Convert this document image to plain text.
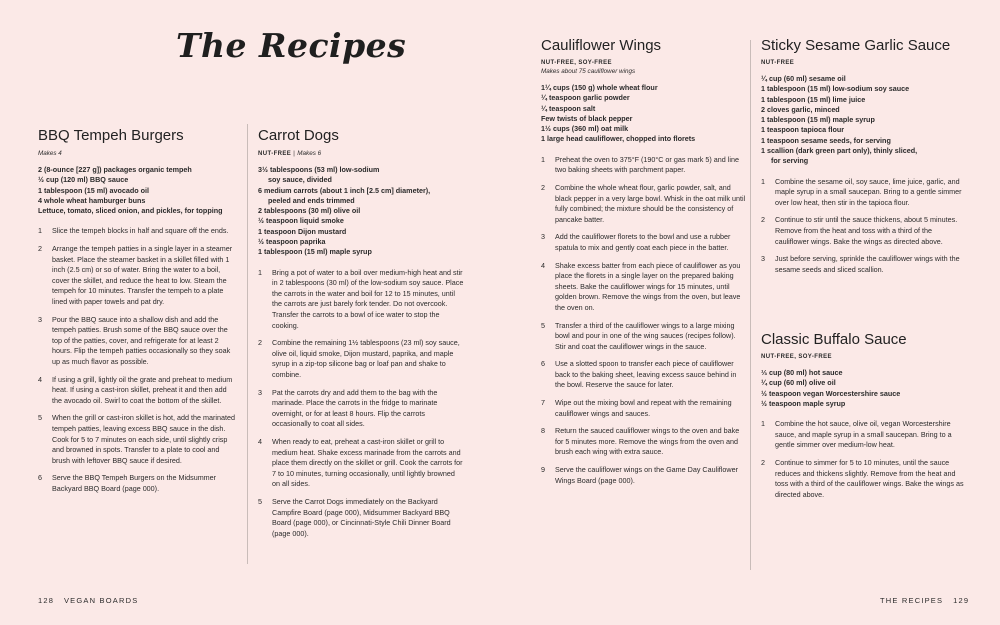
The Recipes
BBQ Tempeh Burgers
Makes 4
2 (8-ounce [227 g]) packages organic tempeh
½ cup (120 ml) BBQ sauce
1 tablespoon (15 ml) avocado oil
4 whole wheat hamburger buns
Lettuce, tomato, sliced onion, and pickles, for topping
1	Slice the tempeh blocks in half and square off the ends.
2	Arrange the tempeh patties in a single layer in a steamer basket. Place the steamer basket in a skillet filled with 1 inch (2.5 cm) or so of water. Bring the water to a boil, cover the skillet, and reduce the heat to low. Steam the tempeh for 10 minutes. Transfer the tempeh to a plate lined with paper towels and pat dry.
3	Pour the BBQ sauce into a shallow dish and add the tempeh patties. Brush some of the BBQ sauce over the top of the patties, cover, and refrigerate for at least 2 hours. Flip the tempeh patties occasionally so they soak up as much flavor as possible.
4	If using a grill, lightly oil the grate and preheat to medium heat. If using a cast-iron skillet, preheat it and then add the avocado oil. Swirl to coat the bottom of the skillet.
5	When the grill or cast-iron skillet is hot, add the marinated tempeh patties, leaving excess BBQ sauce in the dish. Cook for 5 to 7 minutes on each side, until slightly crisp and browned in spots. Transfer to a plate to cool and brush with leftover BBQ sauce if desired.
6	Serve the BBQ Tempeh Burgers on the Midsummer Backyard BBQ Board (page 000).
Carrot Dogs
NUT-FREE | Makes 6
3½ tablespoons (53 ml) low-sodium
soy sauce, divided
6 medium carrots (about 1 inch [2.5 cm] diameter),
peeled and ends trimmed
2 tablespoons (30 ml) olive oil
½ teaspoon liquid smoke
1 teaspoon Dijon mustard
½ teaspoon paprika
1 tablespoon (15 ml) maple syrup
1	Bring a pot of water to a boil over medium-high heat and stir in 2 tablespoons (30 ml) of the low-sodium soy sauce. Place the carrots in the water and boil for 12 to 15 minutes, until the carrots are just barely fork tender. Do not overcook. Transfer the carrots to a bowl of ice water to stop the cooking.
2	Combine the remaining 1½ tablespoons (23 ml) soy sauce, olive oil, liquid smoke, Dijon mustard, paprika, and maple syrup in a zip-top silicone bag or loaf pan and shake to combine.
3	Pat the carrots dry and add them to the bag with the marinade. Place the carrots in the fridge to marinate overnight, or for at least 8 hours. Flip the carrots occasionally to coat all sides.
4	When ready to eat, preheat a cast-iron skillet or grill to medium heat. Shake excess marinade from the carrots and place them directly on the skillet or grill. Cook the carrots for 7 to 10 minutes, turning occasionally, until lightly browned on all sides.
5	Serve the Carrot Dogs immediately on the Backyard Campfire Board (page 000), Midsummer Backyard BBQ Board (page 000), or Cincinnati-Style Chili Dinner Board (page 000).
Cauliflower Wings
NUT-FREE, SOY-FREE
Makes about 75 cauliflower wings
1¼ cups (150 g) whole wheat flour
¼ teaspoon garlic powder
¼ teaspoon salt
Few twists of black pepper
1½ cups (360 ml) oat milk
1 large head cauliflower, chopped into florets
1	Preheat the oven to 375°F (190°C or gas mark 5) and line two baking sheets with parchment paper.
2	Combine the whole wheat flour, garlic powder, salt, and black pepper in a very large bowl. Whisk in the oat milk until fully combined; the mixture should be the consistency of pancake batter.
3	Add the cauliflower florets to the bowl and use a rubber spatula to mix and gently coat each piece in the batter.
4	Shake excess batter from each piece of cauliflower as you place the florets in a single layer on the prepared baking sheets. Bake the cauliflower wings for 15 minutes, until golden brown. Remove the wings from the oven, but leave the oven on.
5	Transfer a third of the cauliflower wings to a large mixing bowl and pour in one of the wing sauces (recipes follow). Stir and coat the cauliflower wings in the sauce.
6	Use a slotted spoon to transfer each piece of cauliflower back to the baking sheet, leaving excess sauce behind in the bowl. Reserve the sauce for later.
7	Wipe out the mixing bowl and repeat with the remaining cauliflower wings and sauces.
8	Return the sauced cauliflower wings to the oven and bake for 5 minutes more. Remove the wings from the oven and brush each wing with extra sauce.
9	Serve the cauliflower wings on the Game Day Cauliflower Wings Board (page 000).
Sticky Sesame Garlic Sauce
NUT-FREE
¼ cup (60 ml) sesame oil
1 tablespoon (15 ml) low-sodium soy sauce
1 tablespoon (15 ml) lime juice
2 cloves garlic, minced
1 tablespoon (15 ml) maple syrup
1 teaspoon tapioca flour
1 teaspoon sesame seeds, for serving
1 scallion (dark green part only), thinly sliced,
for serving
1	Combine the sesame oil, soy sauce, lime juice, garlic, and maple syrup in a small saucepan. Bring to a gentle simmer over low heat, then stir in the tapioca flour.
2	Continue to stir until the sauce thickens, about 5 minutes. Remove from the heat and toss with a third of the cauliflower wings. Bake the wings as directed above.
3	Just before serving, sprinkle the cauliflower wings with the sesame seeds and sliced scallion.
Classic Buffalo Sauce
NUT-FREE, SOY-FREE
⅓ cup (80 ml) hot sauce
¼ cup (60 ml) olive oil
½ teaspoon vegan Worcestershire sauce
½ teaspoon maple syrup
1	Combine the hot sauce, olive oil, vegan Worcestershire sauce, and maple syrup in a small saucepan. Bring to a gentle simmer over medium-low heat.
2	Continue to simmer for 5 to 10 minutes, until the sauce reduces and thickens slightly. Remove from the heat and toss with a third of the cauliflower wings. Bake the wings as directed above.
128 VEGAN BOARDS	THE RECIPES 129
